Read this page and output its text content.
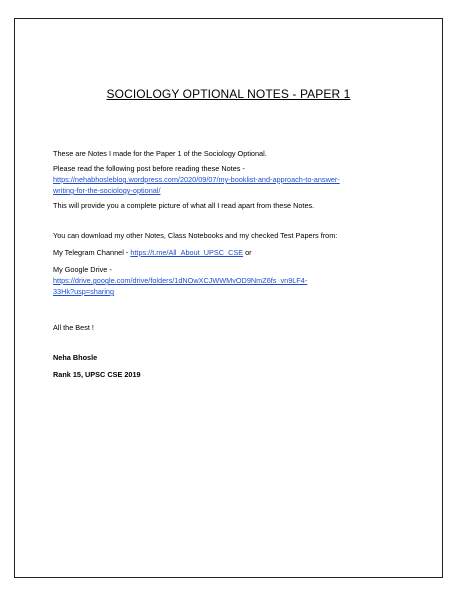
SOCIOLOGY OPTIONAL NOTES - PAPER 1

These are Notes I made for the Paper 1 of the Sociology Optional.

Please read the following post before reading these Notes -

https://nehabhosleblog.wordpress.com/2020/09/07/my-booklist-and-approach-to-answer-
writing-for-the-sociology-optional/

This will provide you a complete picture of what all I read apart from these Notes.

You can download my other Notes, Class Notebooks and my checked Test Papers from:

My Telegram Channel - https://t.me/All_About_UPSC_CSE or

My Google Drive -

https://drive.google.com/drive/folders/1dNOwXCJWWMvOD9NmZ6fs_vn9LF4-
33Hk?usp=sharing

All the Best !

Neha Bhosle

Rank 15, UPSC CSE 2019
